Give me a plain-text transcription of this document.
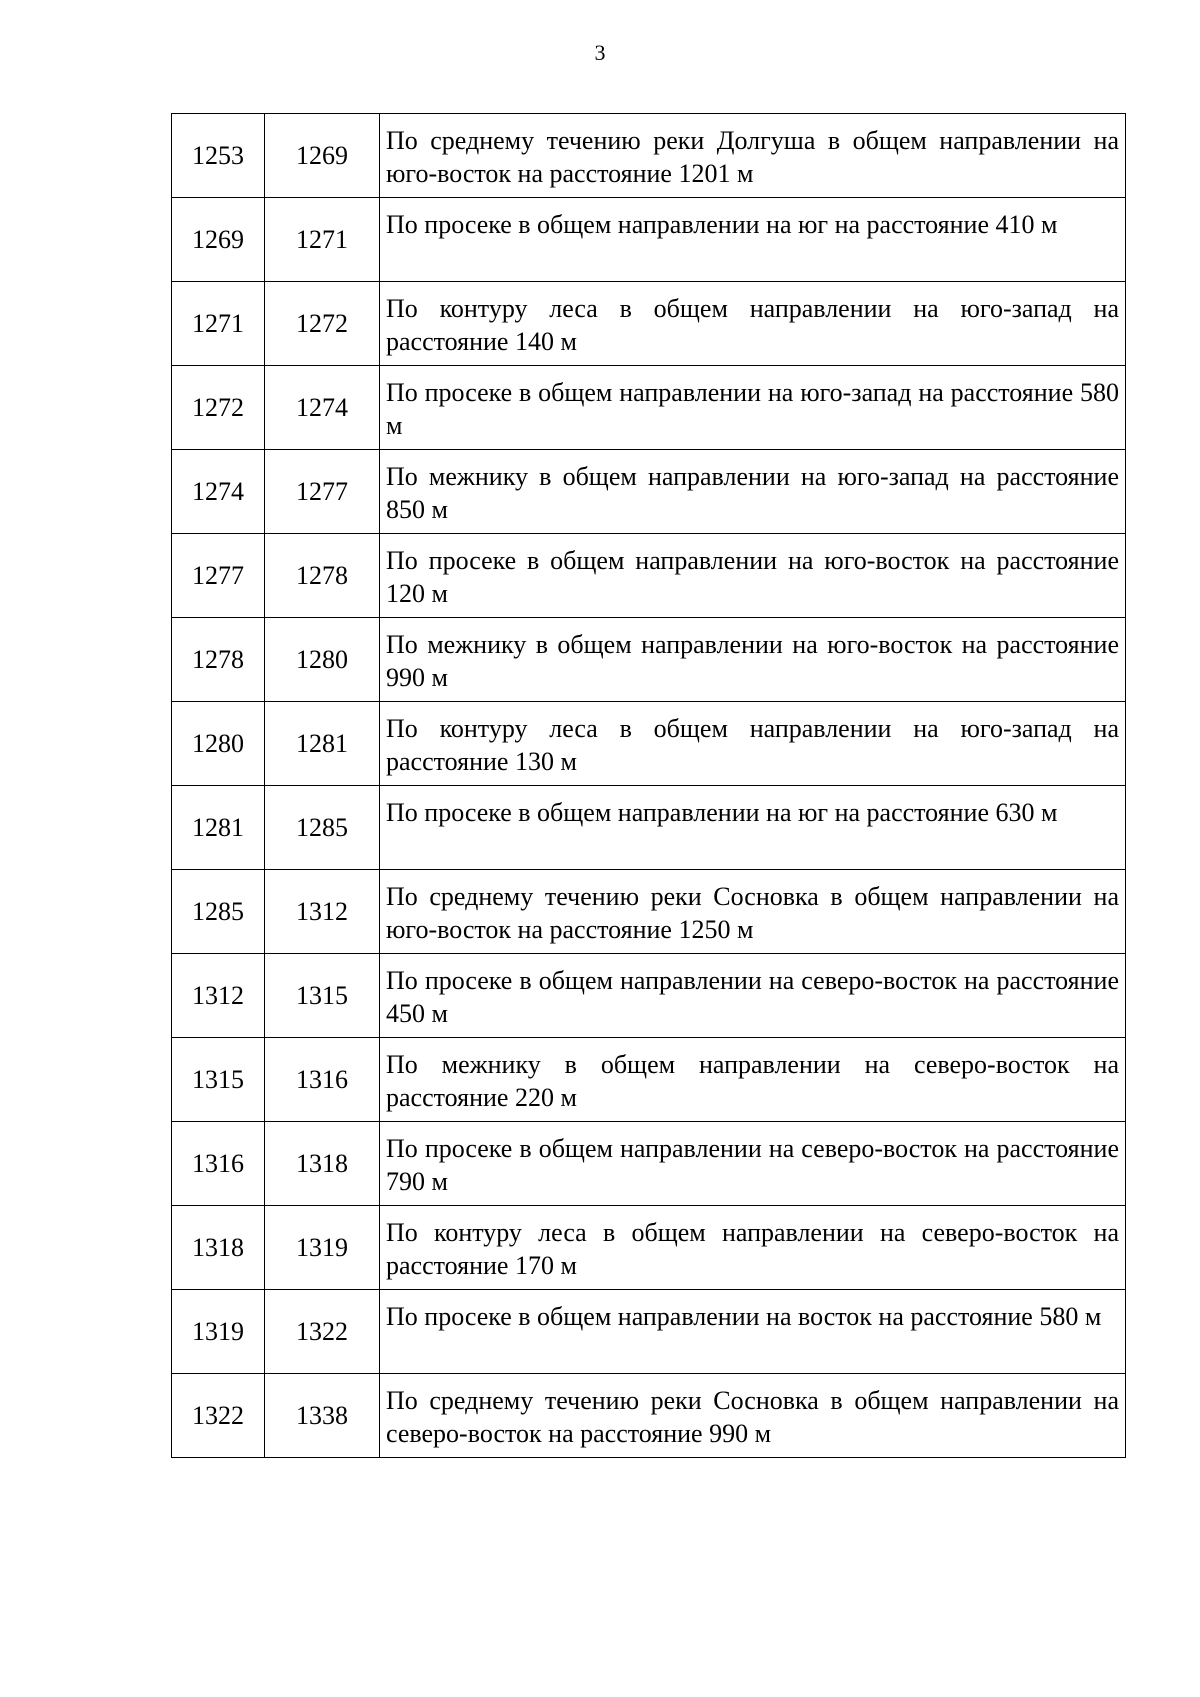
3
1253	1269	По среднему течению реки Долгуша в общем направлении на юго-восток на расстояние 1201 м
1269	1271	По просеке в общем направлении на юг на расстояние 410 м
1271	1272	По контуру леса в общем направлении на юго-запад на расстояние 140 м
1272	1274	По просеке в общем направлении на юго-запад на расстояние 580 м
1274	1277	По межнику в общем направлении на юго-запад на расстояние 850 м
1277	1278	По просеке в общем направлении на юго-восток на расстояние 120 м
1278	1280	По межнику в общем направлении на юго-восток на расстояние 990 м
1280	1281	По контуру леса в общем направлении на юго-запад на расстояние 130 м
1281	1285	По просеке в общем направлении на юг на расстояние 630 м
1285	1312	По среднему течению реки Сосновка в общем направлении на юго-восток на расстояние 1250 м
1312	1315	По просеке в общем направлении на северо-восток на расстояние 450 м
1315	1316	По межнику в общем направлении на северо-восток на расстояние 220 м
1316	1318	По просеке в общем направлении на северо-восток на расстояние 790 м
1318	1319	По контуру леса в общем направлении на северо-восток на расстояние 170 м
1319	1322	По просеке в общем направлении на восток на расстояние 580 м
1322	1338	По среднему течению реки Сосновка в общем направлении на северо-восток на расстояние 990 м
